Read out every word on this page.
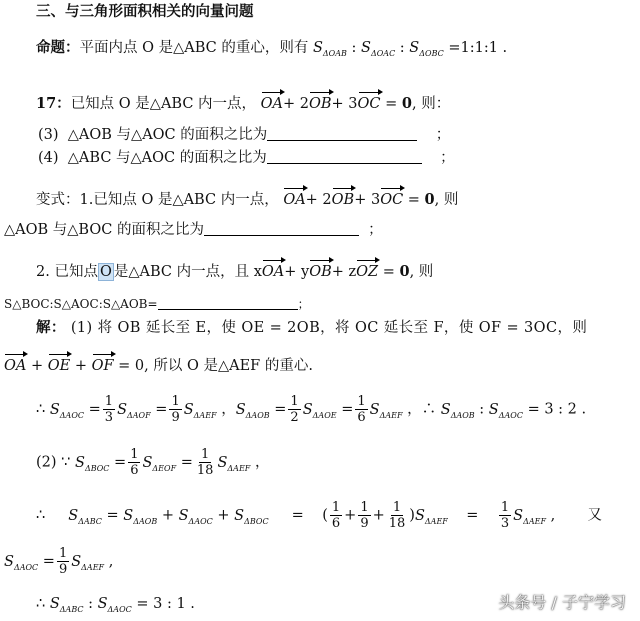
三、与三角形面积相关的向量问题
命题：平面内点 O 是△ABC 的重心，则有 $S_{\Delta OAB}$ : $S_{\Delta OAC}$ : $S_{\Delta OBC}$ =1:1:1 .
17：已知点 O 是△ABC 内一点， OA+ 2OB+ 3OC = 0, 则：
(3) △AOB 与△AOC 的面积之比为	；
(4) △ABC 与△AOC 的面积之比为	；
变式：1.已知点 O 是△ABC 内一点， OA+ 2OB+ 3OC = 0, 则
△AOB 与△BOC 的面积之比为	；
2. 已知点 O 是△ABC 内一点，且 xOA+ yOB+ zOZ = 0, 则
S△BOC:S△AOC:S△AOB=	；
解： (1) 将 OB 延长至 E，使 OE = 2OB，将 OC 延长至 F，使 OF = 3OC，则
OA + OE + OF = 0, 所以 O 是△AEF 的重心.
∴ $S_{\Delta AOC} = \frac{1}{3} S_{\Delta AOF} = \frac{1}{9} S_{\Delta AEF}$ ，$S_{\Delta AOB} = \frac{1}{2} S_{\Delta AOE} = \frac{1}{6} S_{\Delta AEF}$ ，∴ $S_{\Delta AOB}$ : $S_{\Delta AOC} = 3$ : 2 .
(2) ∵ $S_{\Delta BOC} = \frac{1}{6} S_{\Delta EOF} = \frac{1}{18} S_{\Delta AEF}$ ，
∴ $S_{\Delta ABC} = S_{\Delta AOB} + S_{\Delta AOC} + S_{\Delta BOC}$     =    ( $\frac{1}{6} + \frac{1}{9} + \frac{1}{18} )S_{\Delta AEF}$    = $\frac{1}{3} S_{\Delta AEF}$ ,       又
$S_{\Delta AOC} = \frac{1}{9} S_{\Delta AEF}$ ,
∴ $S_{\Delta ABC}$ : $S_{\Delta AOC} = 3$ : 1 .	头条号 / 子宁学习
